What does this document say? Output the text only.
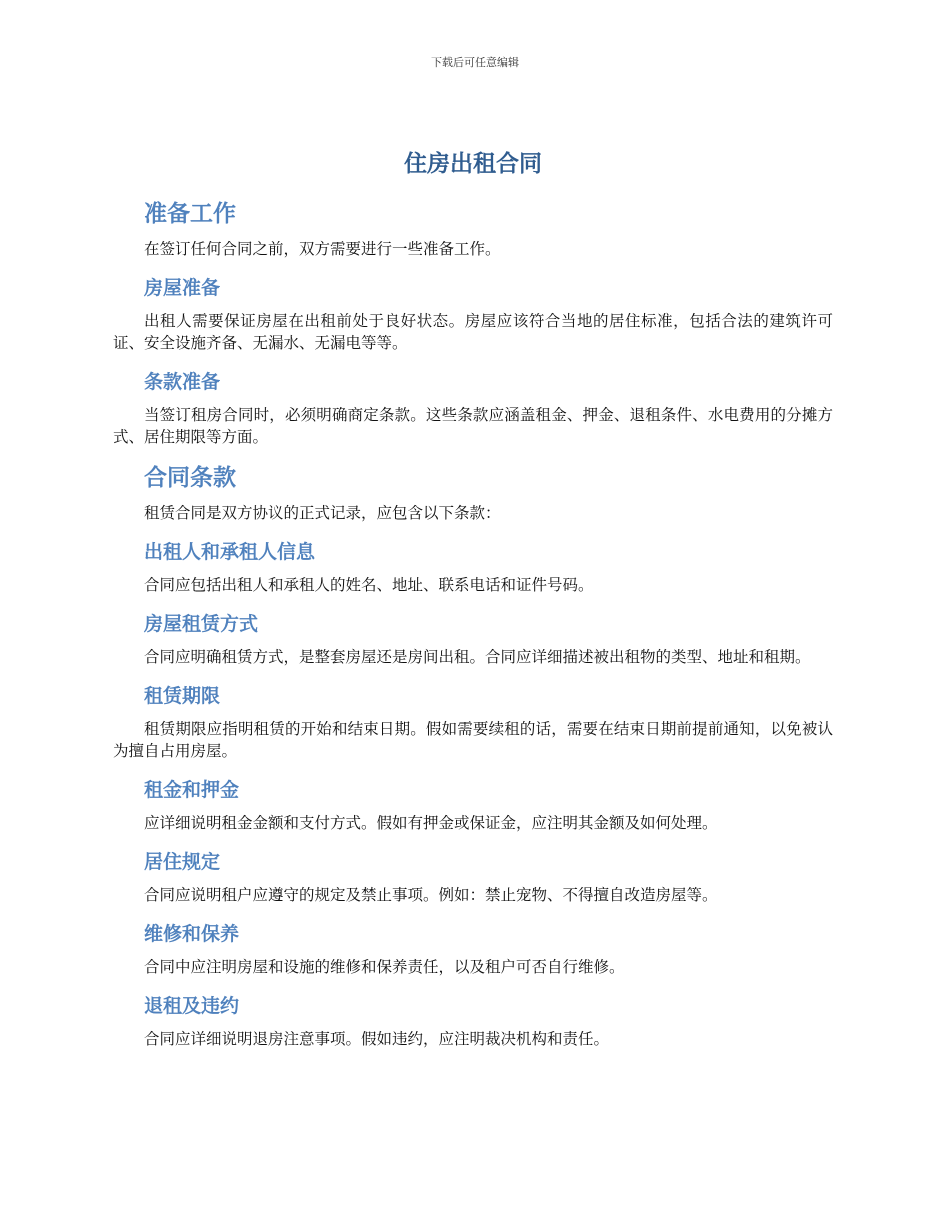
下载后可任意编辑
住房出租合同
准备工作

在签订任何合同之前，双方需要进行一些准备工作。

房屋准备

出租人需要保证房屋在出租前处于良好状态。房屋应该符合当地的居住标准，包括合法的建筑许可证、安全设施齐备、无漏水、无漏电等等。

条款准备

当签订租房合同时，必须明确商定条款。这些条款应涵盖租金、押金、退租条件、水电费用的分摊方式、居住期限等方面。

合同条款

租赁合同是双方协议的正式记录，应包含以下条款：

出租人和承租人信息

合同应包括出租人和承租人的姓名、地址、联系电话和证件号码。

房屋租赁方式

合同应明确租赁方式，是整套房屋还是房间出租。合同应详细描述被出租物的类型、地址和租期。

租赁期限

租赁期限应指明租赁的开始和结束日期。假如需要续租的话，需要在结束日期前提前通知，以免被认为擅自占用房屋。

租金和押金

应详细说明租金金额和支付方式。假如有押金或保证金，应注明其金额及如何处理。

居住规定

合同应说明租户应遵守的规定及禁止事项。例如：禁止宠物、不得擅自改造房屋等。

维修和保养

合同中应注明房屋和设施的维修和保养责任，以及租户可否自行维修。

退租及违约

合同应详细说明退房注意事项。假如违约，应注明裁决机构和责任。
